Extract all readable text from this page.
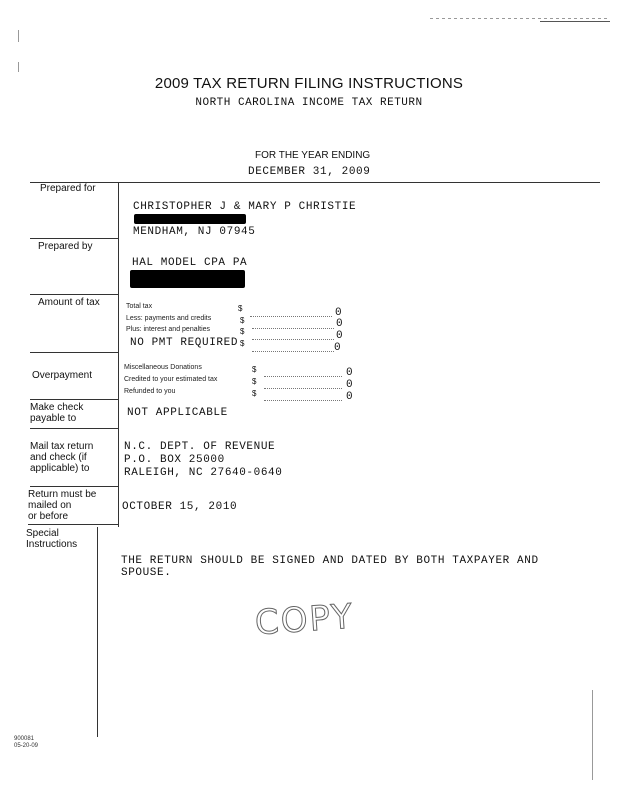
2009 TAX RETURN FILING INSTRUCTIONS
NORTH CAROLINA INCOME TAX RETURN
FOR THE YEAR ENDING
DECEMBER 31, 2009
Prepared for
CHRISTOPHER J & MARY P CHRISTIE
MENDHAM, NJ 07945
Prepared by
HAL MODEL CPA PA
Amount of tax	Total tax	$	0
Less: payments and credits	$	0
Plus: interest and penalties	$	0
NO PMT REQUIRED $	0
Overpayment
Miscellaneous Donations	$	0
Credited to your estimated tax	$	0
Refunded to you	$	0
Make check
payable to	NOT APPLICABLE
Mail tax return
and check (if
applicable) to
N.C. DEPT. OF REVENUE
P.O. BOX 25000
RALEIGH, NC 27640-0640
Return must be
mailed on
or before
OCTOBER 15, 2010
Special
Instructions
THE RETURN SHOULD BE SIGNED AND DATED BY BOTH TAXPAYER AND
SPOUSE.
COPY
900081
05-20-09
